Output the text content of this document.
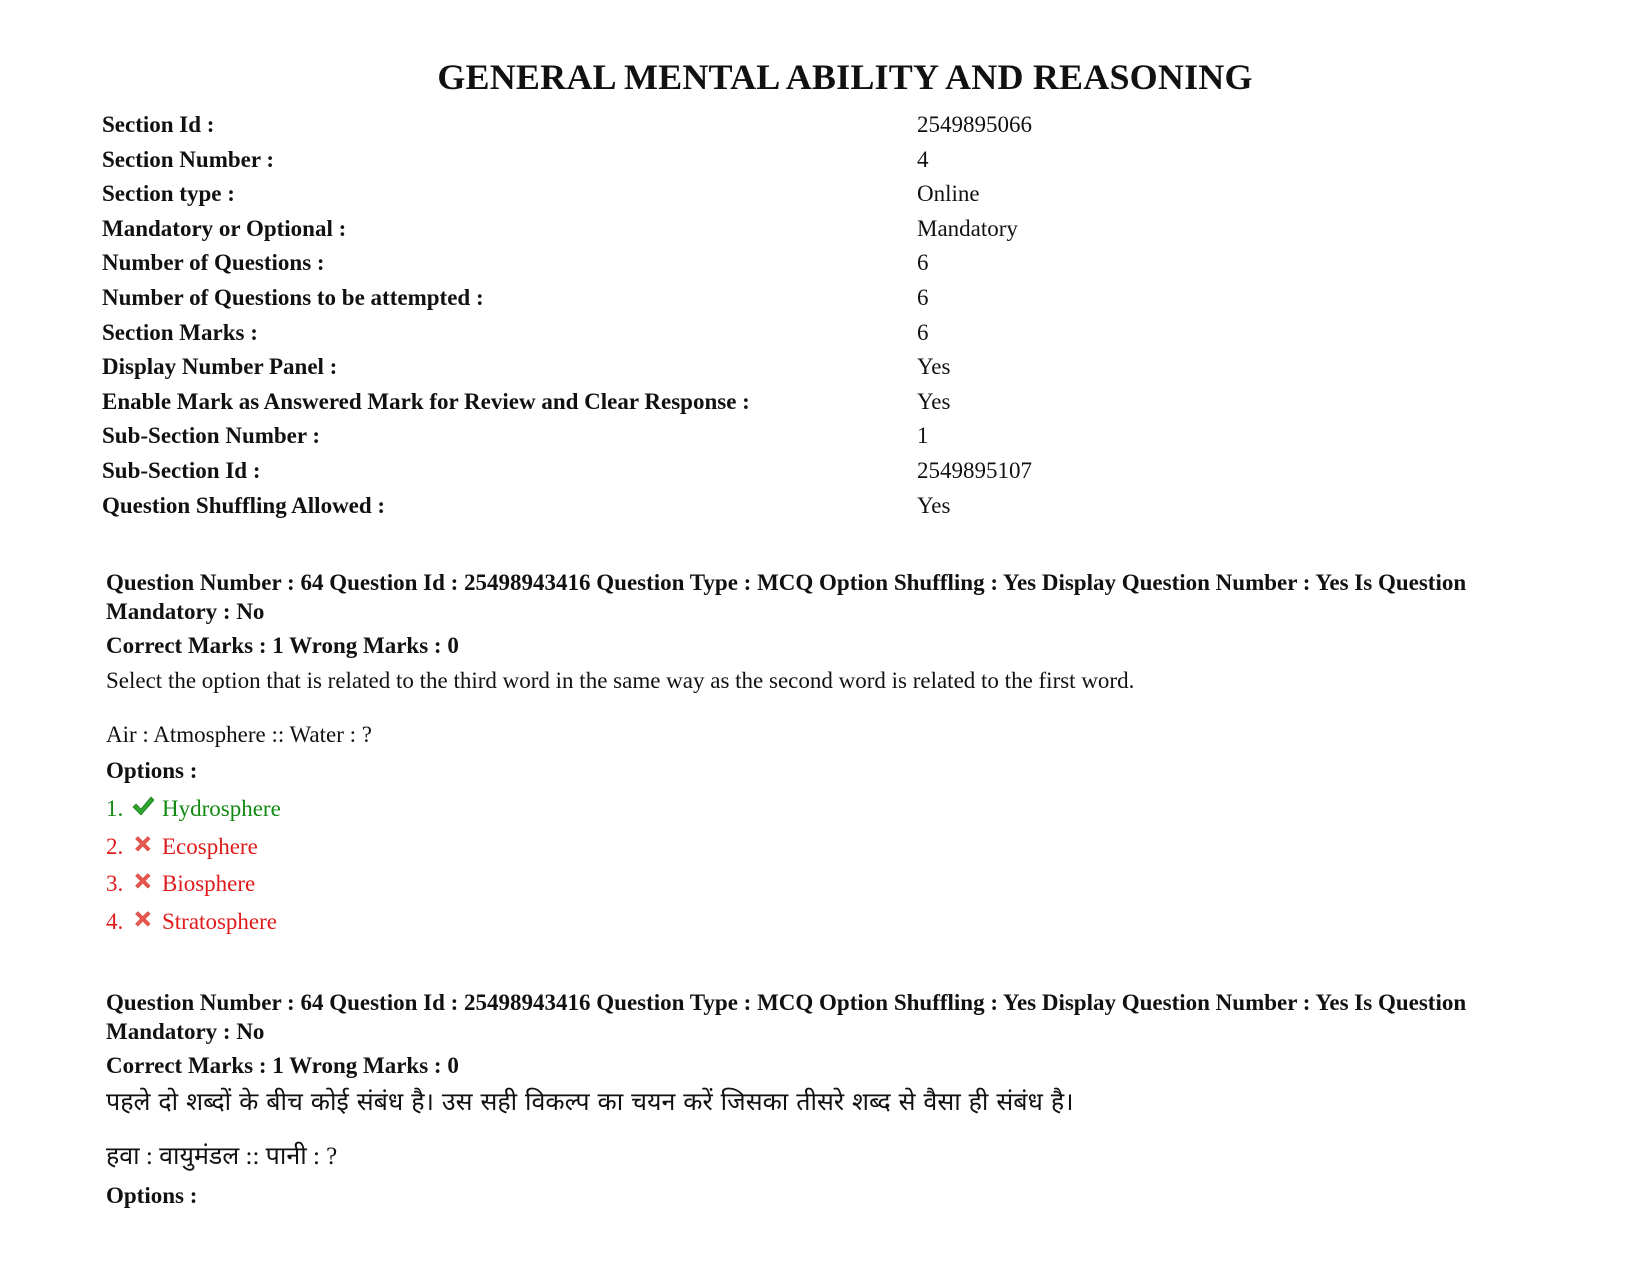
GENERAL MENTAL ABILITY AND REASONING
Section Id :	2549895066
Section Number :	4
Section type :	Online
Mandatory or Optional :	Mandatory
Number of Questions :	6
Number of Questions to be attempted :	6
Section Marks :	6
Display Number Panel :	Yes
Enable Mark as Answered Mark for Review and Clear Response :	Yes
Sub-Section Number :	1
Sub-Section Id :	2549895107
Question Shuffling Allowed :	Yes
Question Number : 64 Question Id : 25498943416 Question Type : MCQ Option Shuffling : Yes Display Question Number : Yes Is Question Mandatory : No
Correct Marks : 1 Wrong Marks : 0
Select the option that is related to the third word in the same way as the second word is related to the first word.
Air : Atmosphere :: Water : ?
Options :
1. Hydrosphere
2. Ecosphere
3. Biosphere
4. Stratosphere
Question Number : 64 Question Id : 25498943416 Question Type : MCQ Option Shuffling : Yes Display Question Number : Yes Is Question Mandatory : No
Correct Marks : 1 Wrong Marks : 0
पहले दो शब्दों के बीच कोई संबंध है। उस सही विकल्प का चयन करें जिसका तीसरे शब्द से वैसा ही संबंध है।
हवा : वायुमंडल :: पानी : ?
Options :
